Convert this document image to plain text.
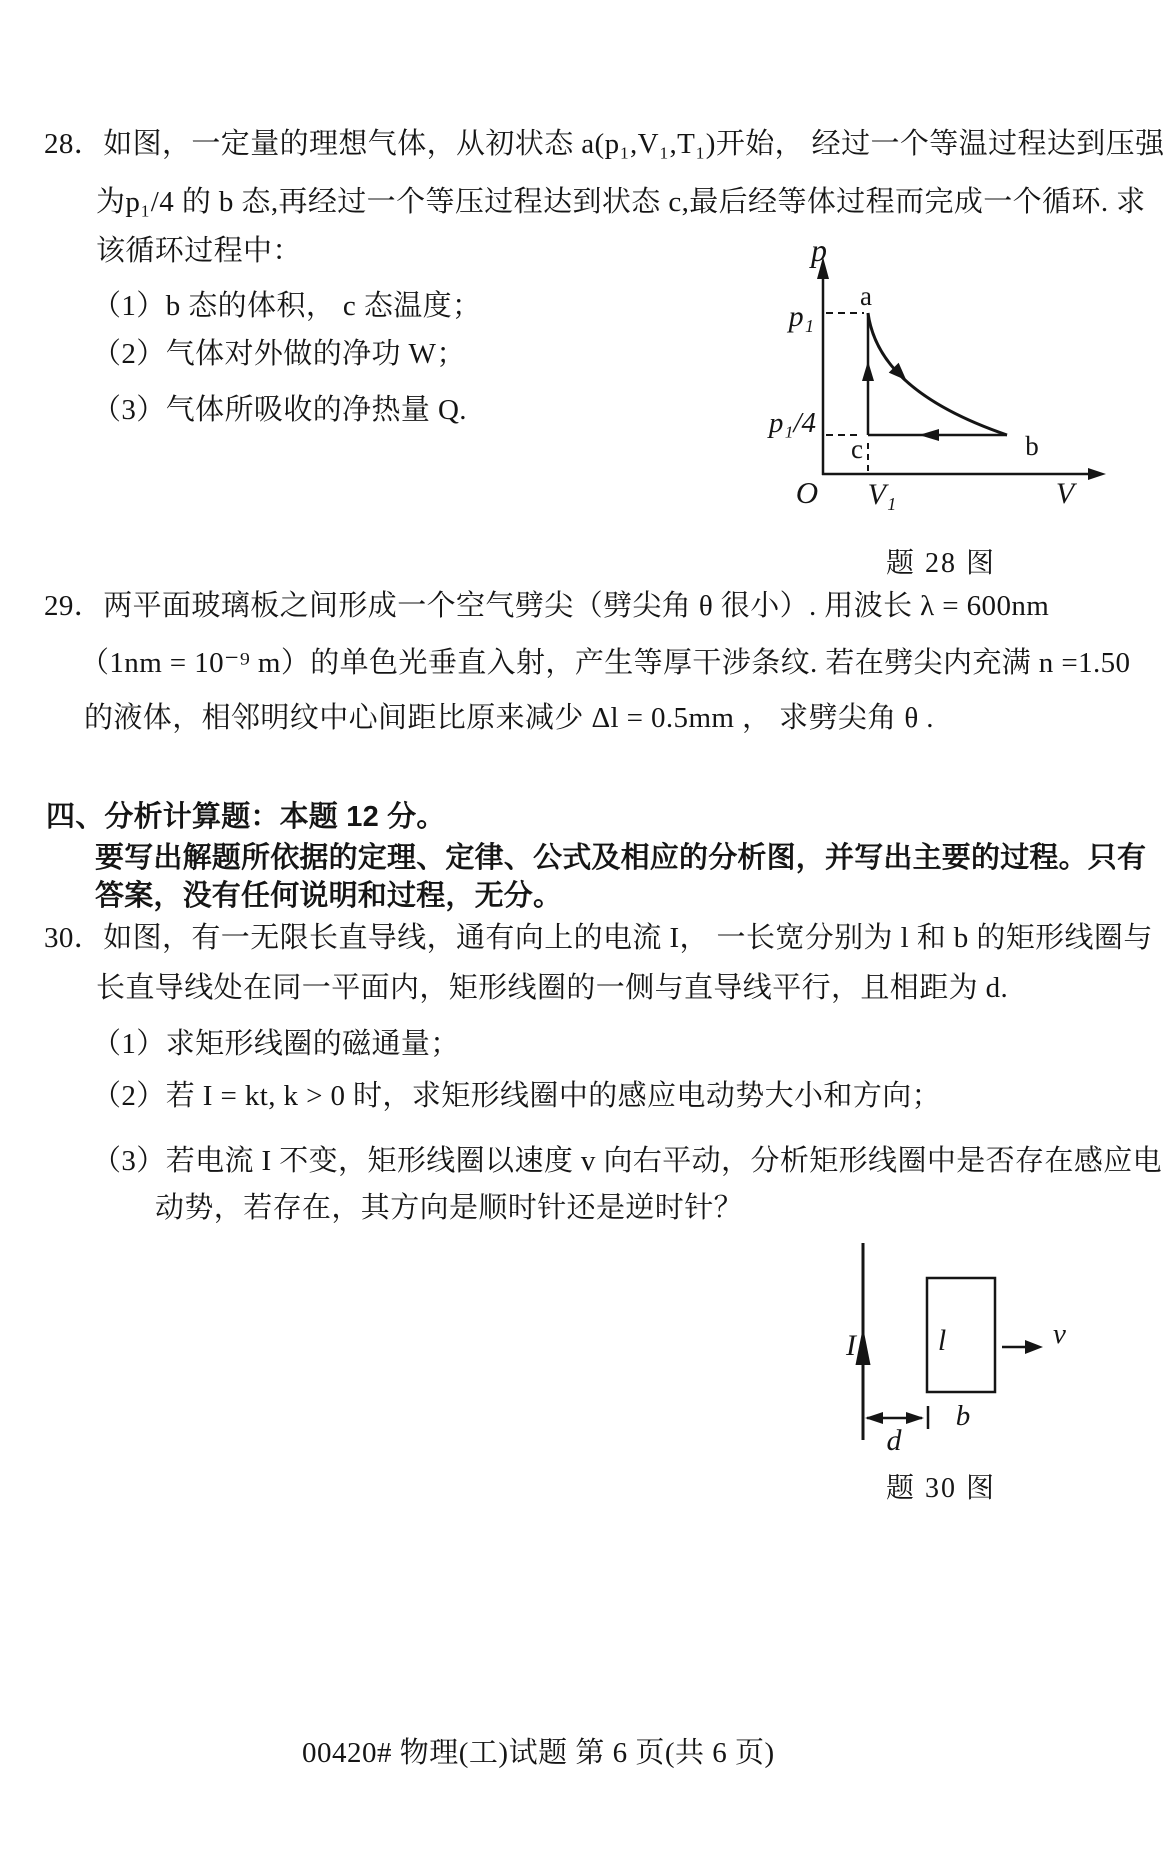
28．如图，一定量的理想气体，从初状态 a(p₁,V₁,T₁)开始， 经过一个等温过程达到压强
为p₁/4 的 b 态,再经过一个等压过程达到状态 c,最后经等体过程而完成一个循环. 求
该循环过程中：
（1）b 态的体积， c 态温度；
（2）气体对外做的净功 W；
（3）气体所吸收的净热量 Q.
p
p₁
p₁/4
a
b
c
O V₁	V
题 28 图
29．两平面玻璃板之间形成一个空气劈尖（劈尖角 θ 很小）. 用波长 λ = 600nm
（1nm = 10⁻⁹ m）的单色光垂直入射，产生等厚干涉条纹. 若在劈尖内充满 n =1.50
的液体，相邻明纹中心间距比原来减少 Δl = 0.5mm ， 求劈尖角 θ .
四、分析计算题：本题 12 分。
要写出解题所依据的定理、定律、公式及相应的分析图，并写出主要的过程。只有
答案，没有任何说明和过程，无分。
30．如图，有一无限长直导线，通有向上的电流 I， 一长宽分别为 l 和 b 的矩形线圈与
长直导线处在同一平面内，矩形线圈的一侧与直导线平行，且相距为 d.
（1）求矩形线圈的磁通量；
（2）若 I = kt, k > 0 时，求矩形线圈中的感应电动势大小和方向；
（3）若电流 I 不变，矩形线圈以速度 v 向右平动，分析矩形线圈中是否存在感应电
动势，若存在，其方向是顺时针还是逆时针？
I	l
b
v
d
题 30 图
00420# 物理(工)试题 第 6 页(共 6 页)
